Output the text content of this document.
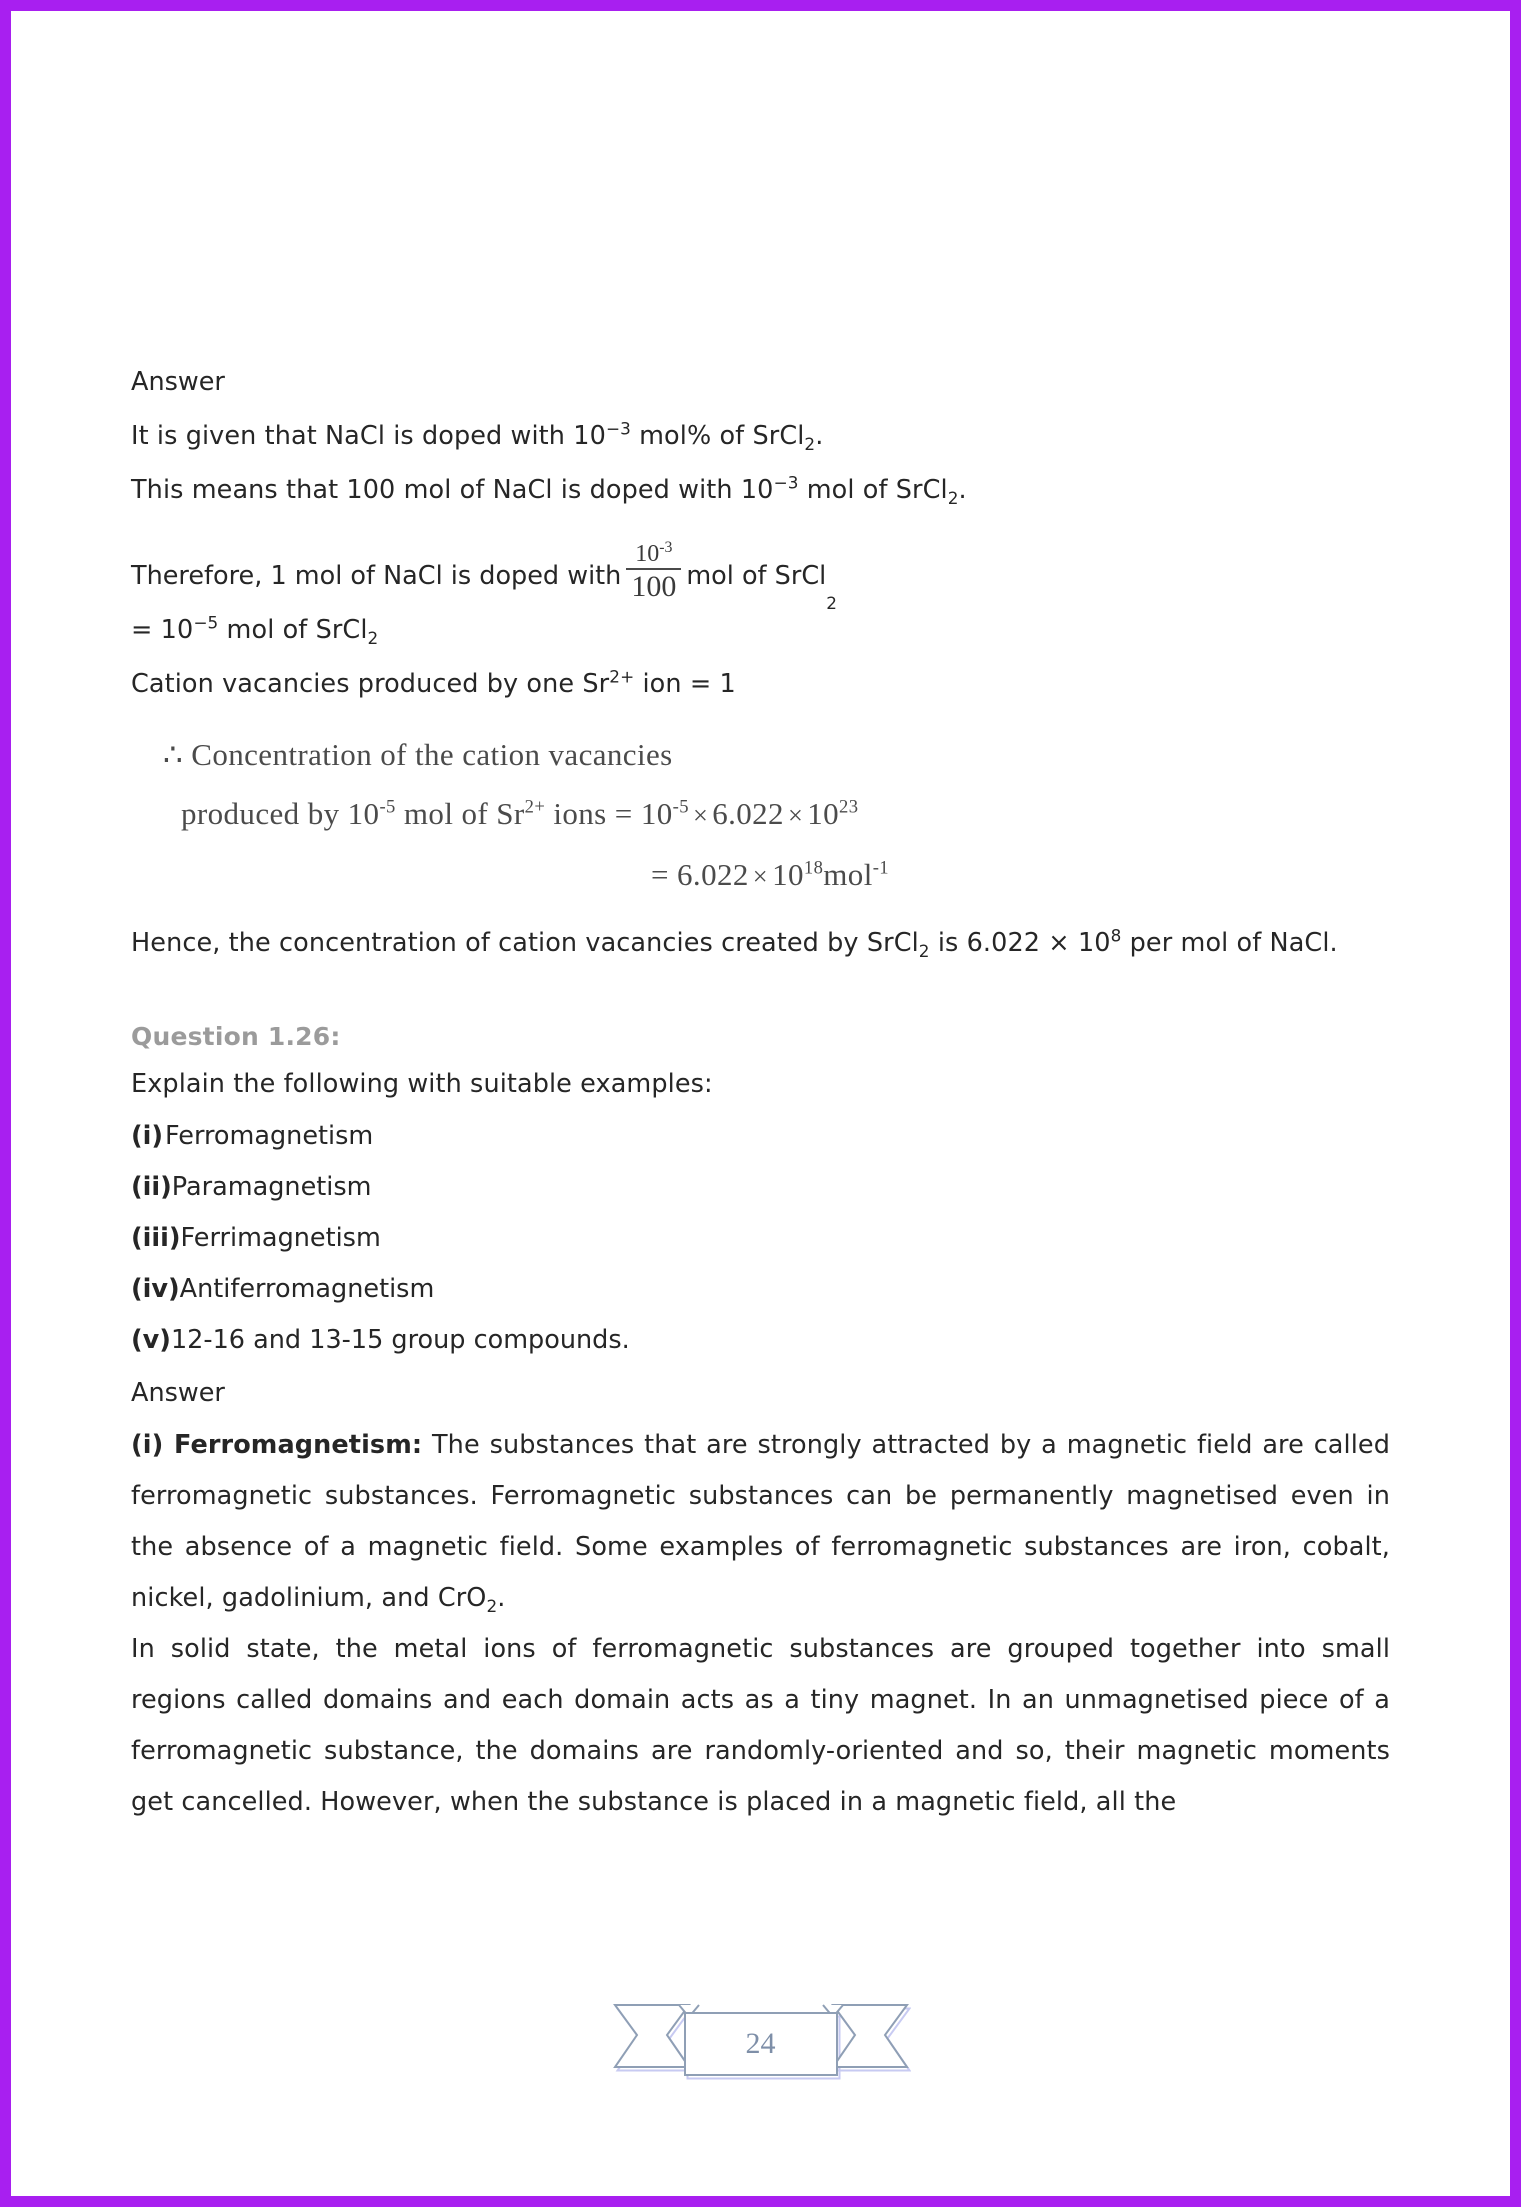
Answer
It is given that NaCl is doped with $10^{-3}$ mol% of SrCl$_2$.
This means that 100 mol of NaCl is doped with $10^{-3}$ mol of SrCl$_2$.
Therefore, 1 mol of NaCl is doped with $\frac{10^{-3}}{100}$ mol of SrCl
2
= $10^{-5}$ mol of SrCl$_2$
Cation vacancies produced by one $Sr^{2+}$ ion = 1
∴ Concentration of the cation vacancies
produced by $10^{-5}$ mol of $Sr^{2+}$ ions = $10^{-5} \times 6.022 \times 10^{23}$
= $6.022 \times 10^{18}mol^{-1}$

Hence, the concentration of cation vacancies created by SrCl$_2$ is $6.022 \times 10^8$ per mol of NaCl.

Question 1.26:
Explain the following with suitable examples:
(i)Ferromagnetism
(ii)Paramagnetism
(iii)Ferrimagnetism
(iv)Antiferromagnetism
(v)12-16 and 13-15 group compounds.
Answer

(i) Ferromagnetism: The substances that are strongly attracted by a magnetic field are called ferromagnetic substances. Ferromagnetic substances can be permanently magnetised even in the absence of a magnetic field. Some examples of ferromagnetic substances are iron, cobalt, nickel, gadolinium, and CrO$_2$.

In solid state, the metal ions of ferromagnetic substances are grouped together into small regions called domains and each domain acts as a tiny magnet. In an unmagnetised piece of a ferromagnetic substance, the domains are randomly-oriented and so, their magnetic moments get cancelled. However, when the substance is placed in a magnetic field, all the

24
